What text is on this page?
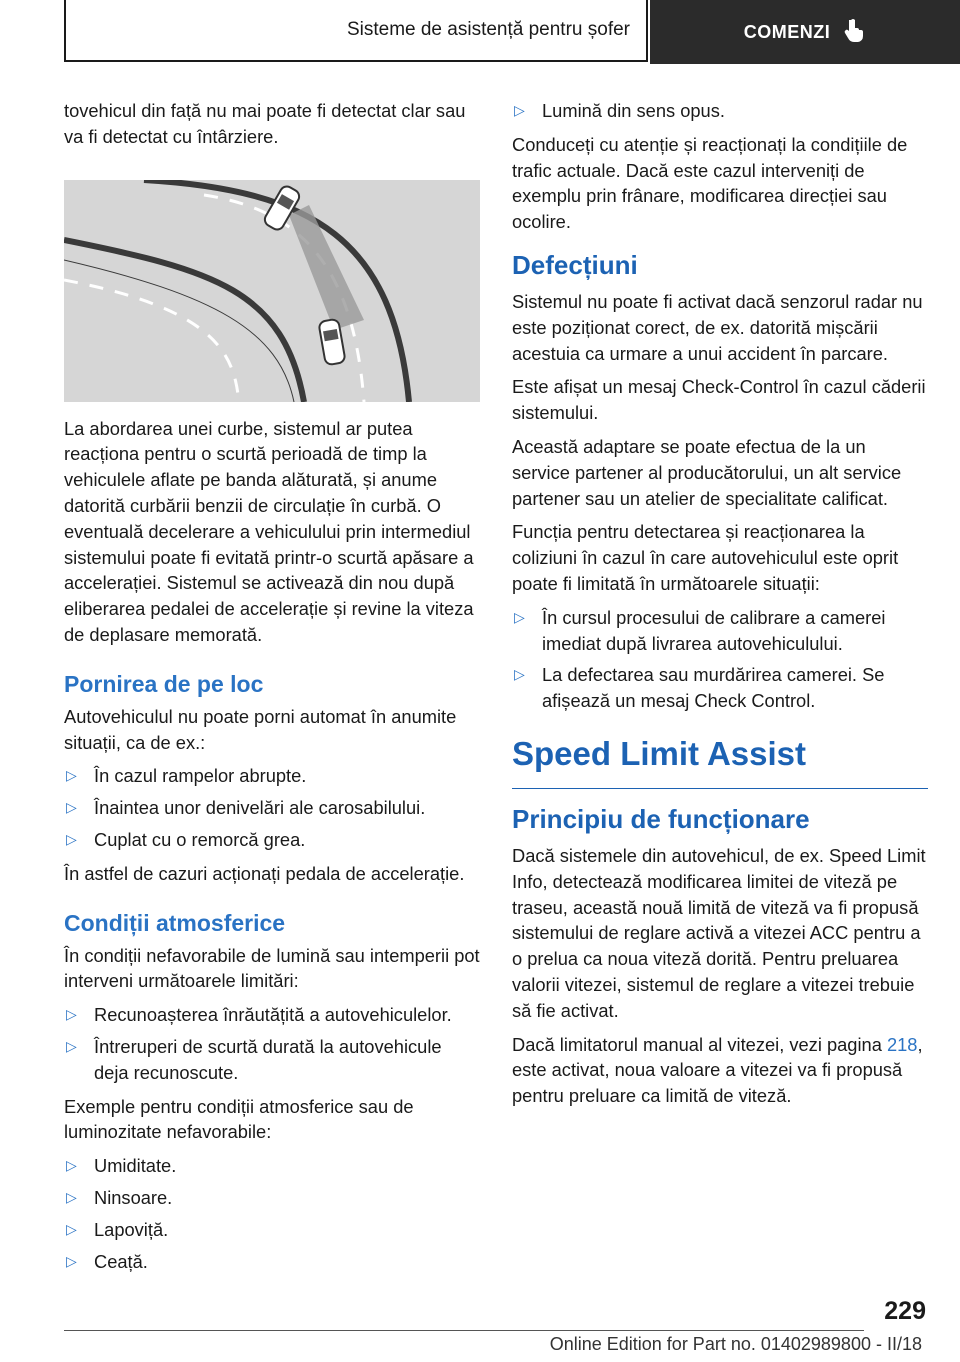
Sisteme de asistență pentru șofer	COMENZI

tovehicul din față nu mai poate fi detectat clar sau va fi detectat cu întârziere.

La abordarea unei curbe, sistemul ar putea reacționa pentru o scurtă perioadă de timp la vehiculele aflate pe banda alăturată, și anume datorită curbării benzii de circulație în curbă. O eventuală decelerare a vehiculului prin intermediul sistemului poate fi evitată printr-o scurtă apăsare a accelerației. Sistemul se activează din nou după eliberarea pedalei de accelerație și revine la viteza de deplasare memorată.

Pornirea de pe loc

Autovehiculul nu poate porni automat în anumite situații, ca de ex.:

▷ În cazul rampelor abrupte.
▷ Înaintea unor denivelări ale carosabilului.
▷ Cuplat cu o remorcă grea.

În astfel de cazuri acționați pedala de accelerație.

Condiții atmosferice

În condiții nefavorabile de lumină sau intemperii pot interveni următoarele limitări:

▷ Recunoașterea înrăutățită a autovehiculelor.
▷ Întreruperi de scurtă durată la autovehicule deja recunoscute.

Exemple pentru condiții atmosferice sau de luminozitate nefavorabile:

▷ Umiditate.
▷ Ninsoare.
▷ Lapoviță.
▷ Ceață.
▷ Lumină din sens opus.

Conduceți cu atenție și reacționați la condițiile de trafic actuale. Dacă este cazul interveniți de exemplu prin frânare, modificarea direcției sau ocolire.

Defecțiuni

Sistemul nu poate fi activat dacă senzorul radar nu este poziționat corect, de ex. datorită mișcării acestuia ca urmare a unui accident în parcare.

Este afișat un mesaj Check-Control în cazul căderii sistemului.

Această adaptare se poate efectua de la un service partener al producătorului, un alt service partener sau un atelier de specialitate calificat.

Funcția pentru detectarea și reacționarea la coliziuni în cazul în care autovehiculul este oprit poate fi limitată în următoarele situații:

▷ În cursul procesului de calibrare a camerei imediat după livrarea autovehiculului.
▷ La defectarea sau murdărirea camerei. Se afișează un mesaj Check Control.
Speed Limit Assist
Principiu de funcționare

Dacă sistemele din autovehicul, de ex. Speed Limit Info, detectează modificarea limitei de viteză pe traseu, această nouă limită de viteză va fi propusă sistemului de reglare activă a vitezei ACC pentru a o prelua ca noua viteză dorită. Pentru preluarea valorii vitezei, sistemul de reglare a vitezei trebuie să fie activat.

Dacă limitatorul manual al vitezei, vezi pagina 218, este activat, noua valoare a vitezei va fi propusă pentru preluare ca limită de viteză.

229
Online Edition for Part no. 01402989800 - II/18
